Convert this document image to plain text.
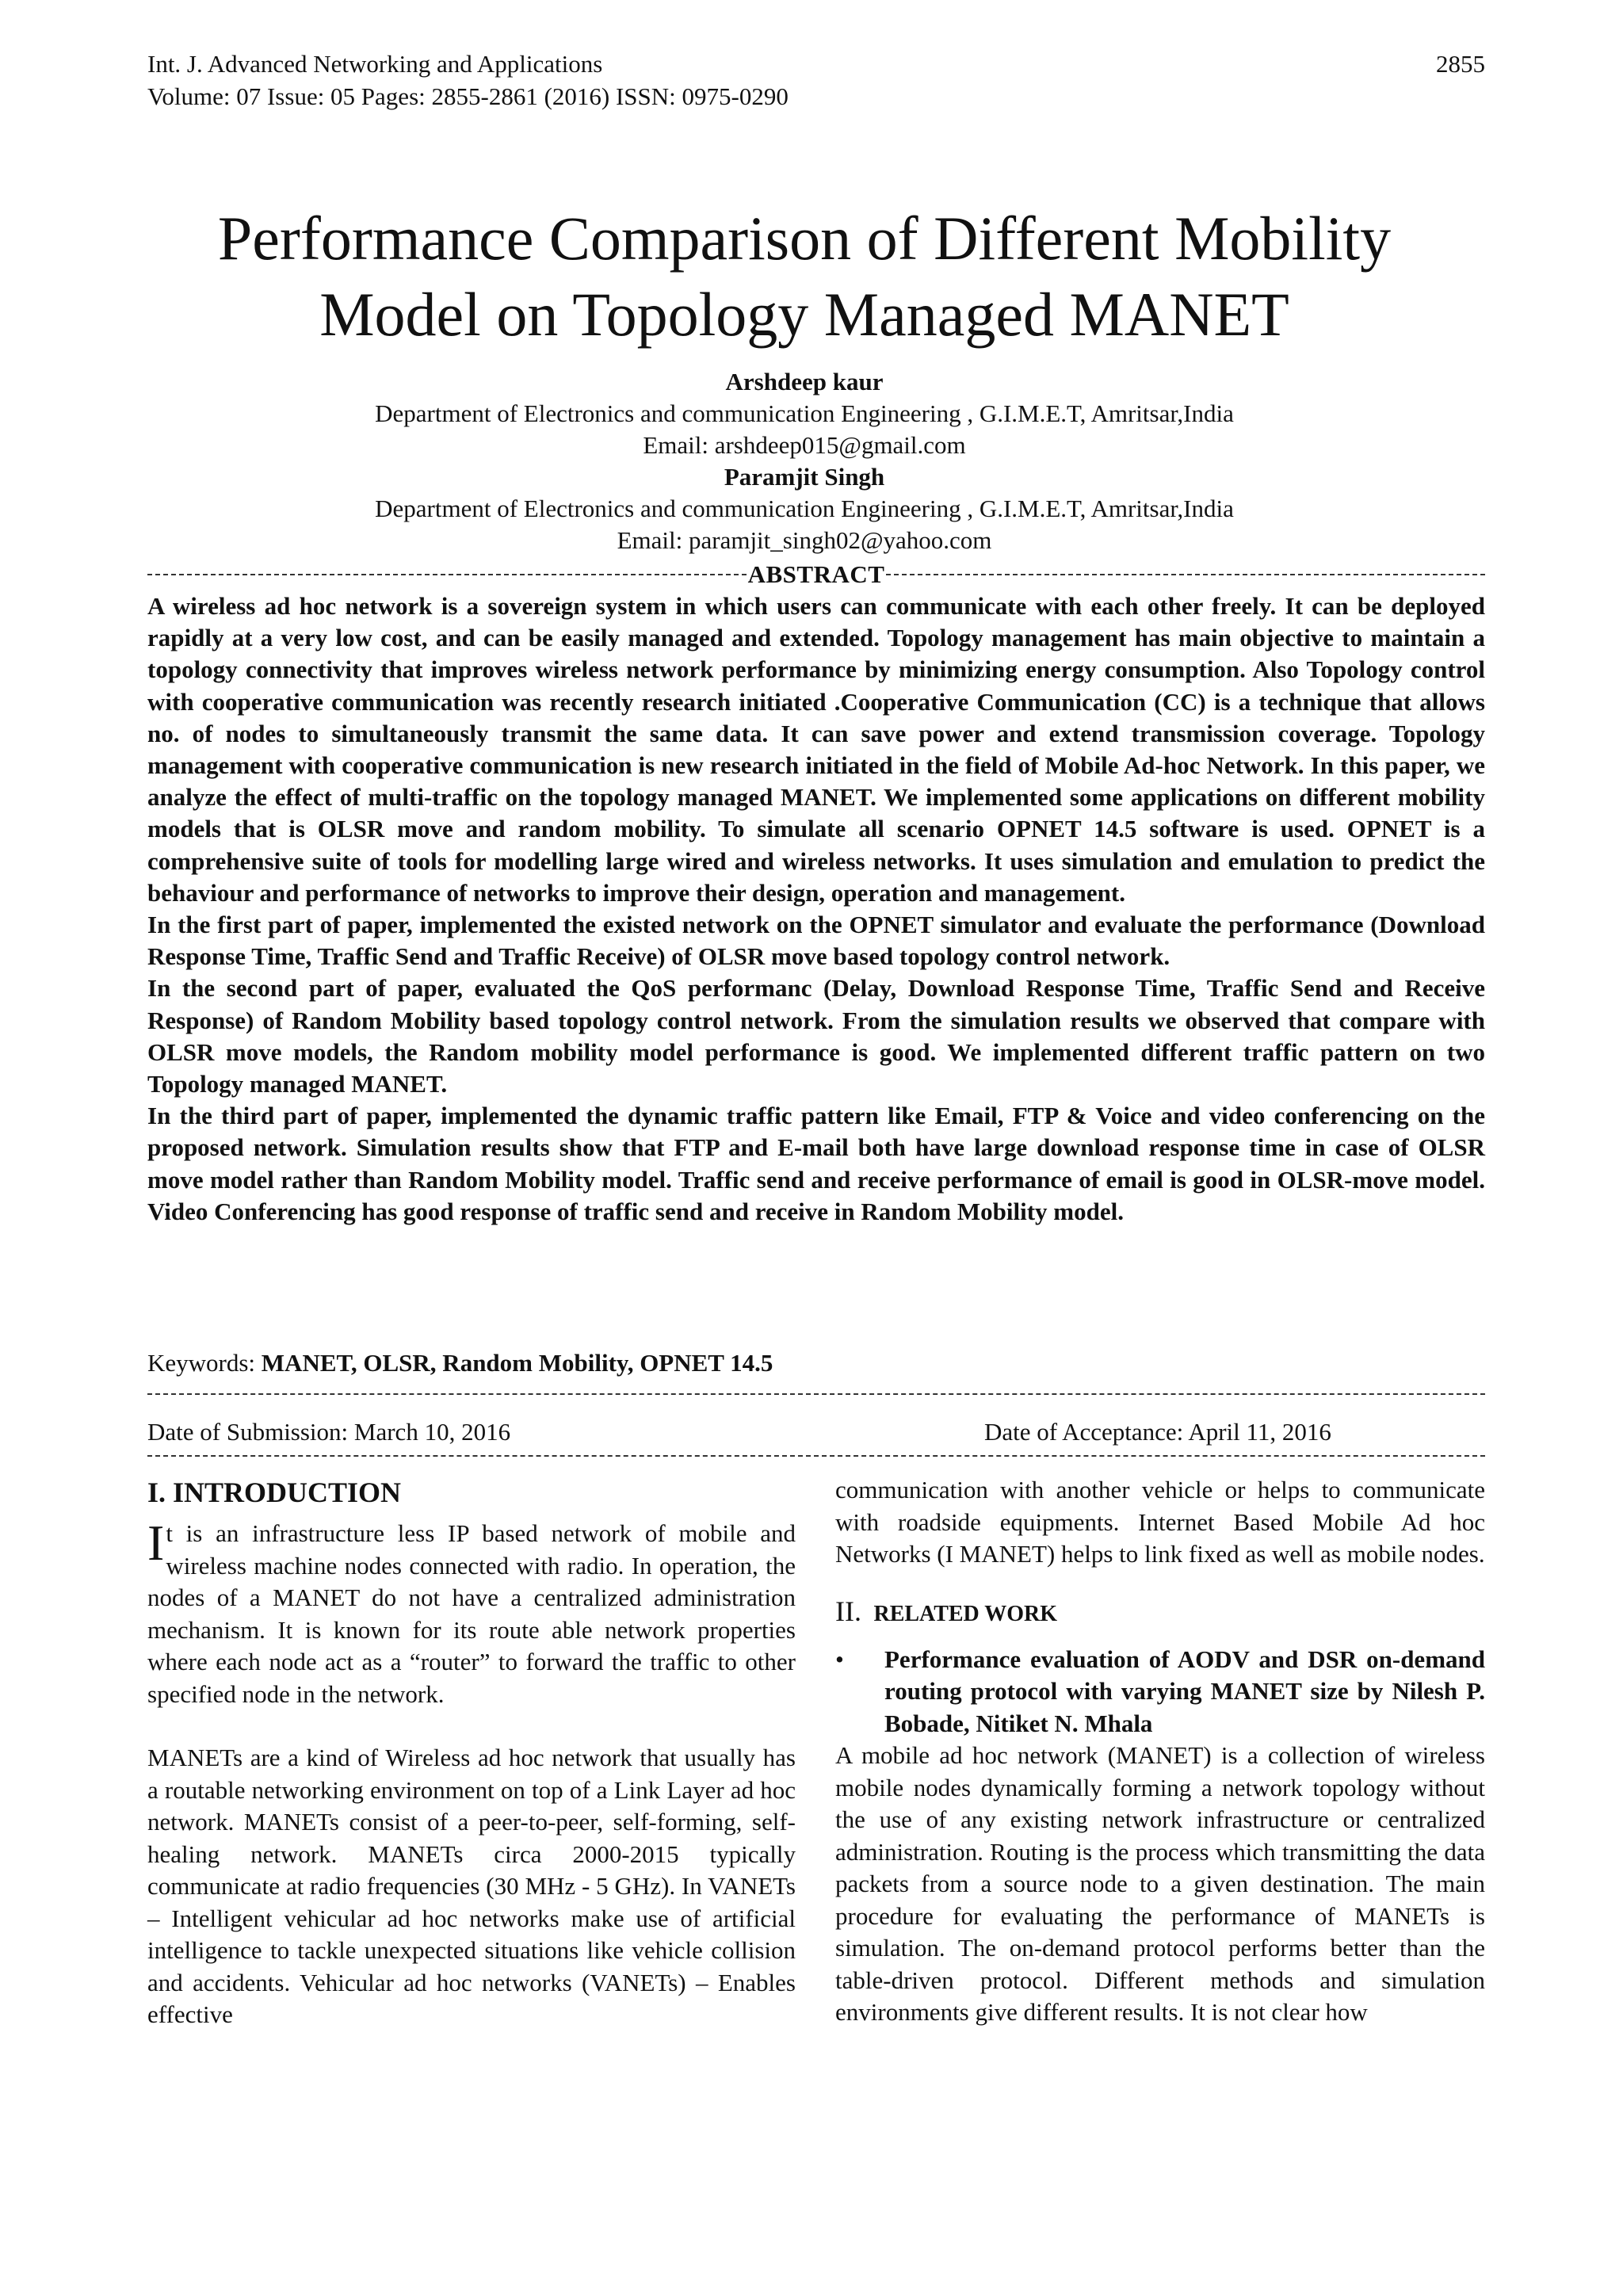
Int. J. Advanced Networking and Applications
Volume: 07 Issue: 05 Pages: 2855-2861 (2016) ISSN: 0975-0290
2855
Performance Comparison of Different Mobility
Model on Topology Managed MANET
Arshdeep kaur
Department of Electronics and communication Engineering , G.I.M.E.T, Amritsar,India
Email: arshdeep015@gmail.com
Paramjit Singh
Department of Electronics and communication Engineering , G.I.M.E.T, Amritsar,India
Email: paramjit_singh02@yahoo.com
ABSTRACT

A wireless ad hoc network is a sovereign system in which users can communicate with each other freely. It can be deployed rapidly at a very low cost, and can be easily managed and extended. Topology management has main objective to maintain a topology connectivity that improves wireless network performance by minimizing energy consumption. Also Topology control with cooperative communication was recently research initiated .Cooperative Communication (CC) is a technique that allows no. of nodes to simultaneously transmit the same data. It can save power and extend transmission coverage. Topology management with cooperative communication is new research initiated in the field of Mobile Ad-hoc Network. In this paper, we analyze the effect of multi-traffic on the topology managed MANET. We implemented some applications on different mobility models that is OLSR move and random mobility. To simulate all scenario OPNET 14.5 software is used. OPNET is a comprehensive suite of tools for modelling large wired and wireless networks. It uses simulation and emulation to predict the behaviour and performance of networks to improve their design, operation and management.

In the first part of paper, implemented the existed network on the OPNET simulator and evaluate the performance (Download Response Time, Traffic Send and Traffic Receive) of OLSR move based topology control network.

In the second part of paper, evaluated the QoS performanc (Delay, Download Response Time, Traffic Send and Receive Response) of Random Mobility based topology control network. From the simulation results we observed that compare with OLSR move models, the Random mobility model performance is good. We implemented different traffic pattern on two Topology managed MANET.

In the third part of paper, implemented the dynamic traffic pattern like Email, FTP & Voice and video conferencing on the proposed network. Simulation results show that FTP and E-mail both have large download response time in case of OLSR move model rather than Random Mobility model. Traffic send and receive performance of email is good in OLSR-move model. Video Conferencing has good response of traffic send and receive in Random Mobility model.

Keywords: MANET, OLSR, Random Mobility, OPNET 14.5
Date of Submission: March 10, 2016	Date of Acceptance: April 11, 2016
I. INTRODUCTION

It is an infrastructure less IP based network of mobile and wireless machine nodes connected with radio. In operation, the nodes of a MANET do not have a centralized administration mechanism. It is known for its route able network properties where each node act as a “router” to forward the traffic to other specified node in the network.

MANETs are a kind of Wireless ad hoc network that usually has a routable networking environment on top of a Link Layer ad hoc network. MANETs consist of a peer-to-peer, self-forming, self-healing network. MANETs circa 2000-2015 typically communicate at radio frequencies (30 MHz - 5 GHz). In VANETs – Intelligent vehicular ad hoc networks make use of artificial intelligence to tackle unexpected situations like vehicle collision and accidents. Vehicular ad hoc networks (VANETs) – Enables effective

communication with another vehicle or helps to communicate with roadside equipments. Internet Based Mobile Ad hoc Networks (I MANET) helps to link fixed as well as mobile nodes.

II. RELATED WORK
•	Performance evaluation of AODV and DSR on-demand routing protocol with varying MANET size by Nilesh P. Bobade, Nitiket N. Mhala

A mobile ad hoc network (MANET) is a collection of wireless mobile nodes dynamically forming a network topology without the use of any existing network infrastructure or centralized administration. Routing is the process which transmitting the data packets from a source node to a given destination. The main procedure for evaluating the performance of MANETs is simulation. The on-demand protocol performs better than the table-driven protocol. Different methods and simulation environments give different results. It is not clear how
